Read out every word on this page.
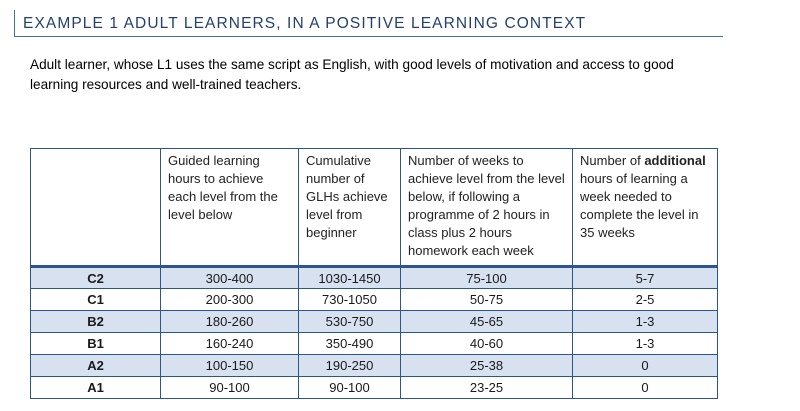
EXAMPLE 1 ADULT LEARNERS, IN A POSITIVE LEARNING CONTEXT
Adult learner, whose L1 uses the same script as English, with good levels of motivation and access to good
learning resources and well-trained teachers.
	Guided learning hours to achieve each level from the level below	Cumulative number of GLHs achieve level from beginner	Number of weeks to achieve level from the level below, if following a programme of 2 hours in class plus 2 hours homework each week	Number of additional hours of learning a week needed to complete the level in 35 weeks
C2	300-400	1030-1450	75-100	5-7
C1	200-300	730-1050	50-75	2-5
B2	180-260	530-750	45-65	1-3
B1	160-240	350-490	40-60	1-3
A2	100-150	190-250	25-38	0
A1	90-100	90-100	23-25	0
